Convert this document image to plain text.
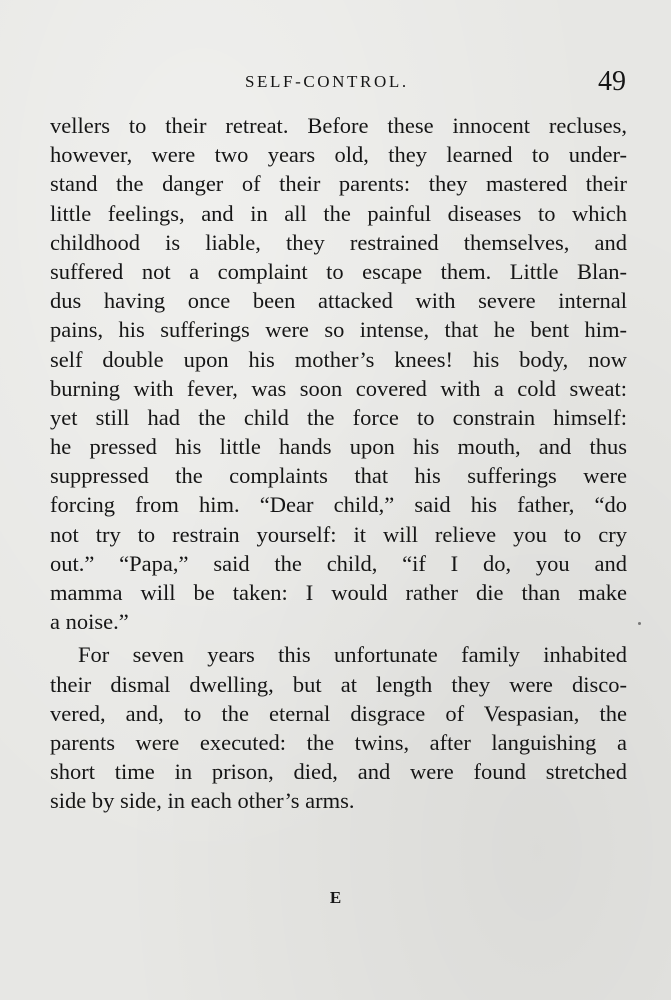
SELF-CONTROL.	49
vellers to their retreat. Before these innocent recluses,
however, were two years old, they learned to under-
stand the danger of their parents: they mastered their
little feelings, and in all the painful diseases to which
childhood is liable, they restrained themselves, and
suffered not a complaint to escape them. Little Blan-
dus having once been attacked with severe internal
pains, his sufferings were so intense, that he bent him-
self double upon his mother’s knees! his body, now
burning with fever, was soon covered with a cold sweat:
yet still had the child the force to constrain himself:
he pressed his little hands upon his mouth, and thus
suppressed the complaints that his sufferings were
forcing from him. “Dear child,” said his father, “do
not try to restrain yourself: it will relieve you to cry
out.” “Papa,” said the child, “if I do, you and
mamma will be taken: I would rather die than make
a noise.”
For seven years this unfortunate family inhabited
their dismal dwelling, but at length they were disco-
vered, and, to the eternal disgrace of Vespasian, the
parents were executed: the twins, after languishing a
short time in prison, died, and were found stretched
side by side, in each other’s arms.
E
